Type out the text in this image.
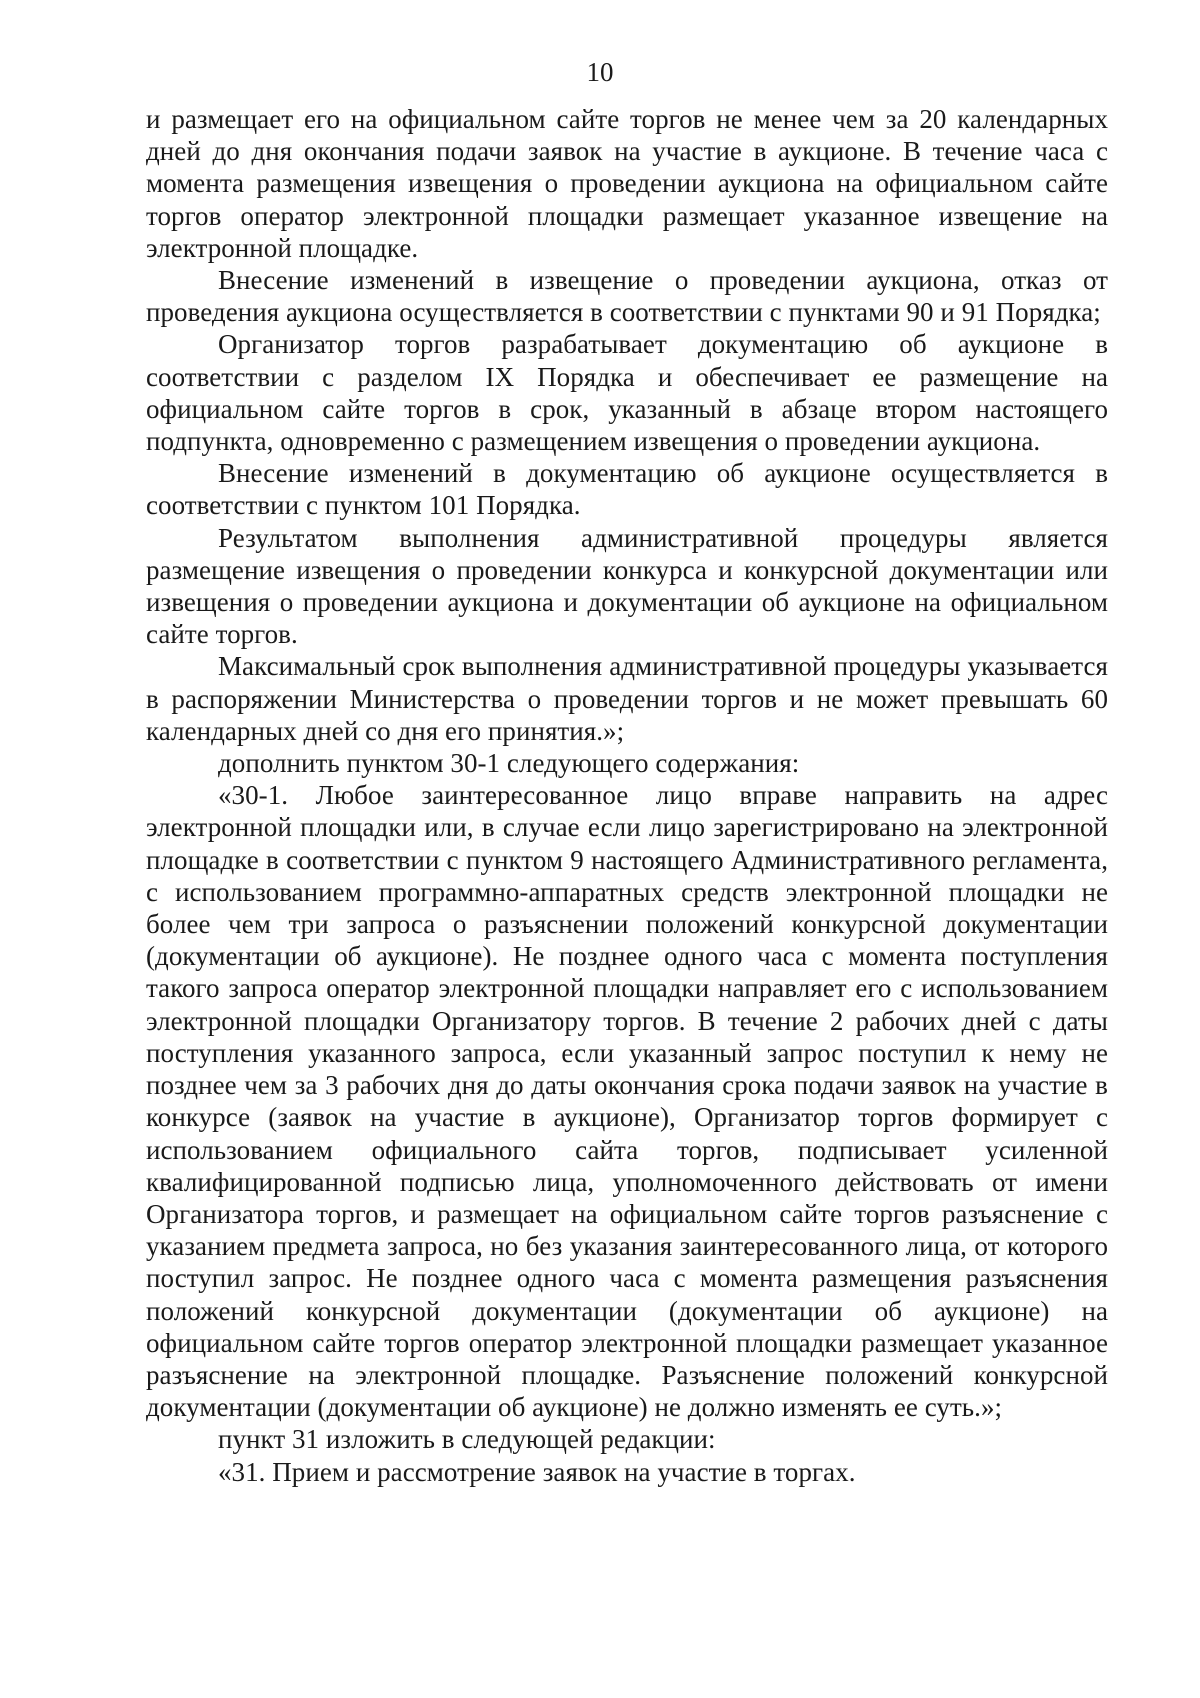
10

и размещает его на официальном сайте торгов не менее чем за 20 календарных дней до дня окончания подачи заявок на участие в аукционе. В течение часа с момента размещения извещения о проведении аукциона на официальном сайте торгов оператор электронной площадки размещает указанное извещение на электронной площадке.

Внесение изменений в извещение о проведении аукциона, отказ от проведения аукциона осуществляется в соответствии с пунктами 90 и 91 Порядка;

Организатор торгов разрабатывает документацию об аукционе в соответствии с разделом IX Порядка и обеспечивает ее размещение на официальном сайте торгов в срок, указанный в абзаце втором настоящего подпункта, одновременно с размещением извещения о проведении аукциона.

Внесение изменений в документацию об аукционе осуществляется в соответствии с пунктом 101 Порядка.

Результатом выполнения административной процедуры является размещение извещения о проведении конкурса и конкурсной документации или извещения о проведении аукциона и документации об аукционе на официальном сайте торгов.

Максимальный срок выполнения административной процедуры указывается в распоряжении Министерства о проведении торгов и не может превышать 60 календарных дней со дня его принятия.»;

дополнить пунктом 30-1 следующего содержания:

«30-1. Любое заинтересованное лицо вправе направить на адрес электронной площадки или, в случае если лицо зарегистрировано на электронной площадке в соответствии с пунктом 9 настоящего Административного регламента, с использованием программно-аппаратных средств электронной площадки не более чем три запроса о разъяснении положений конкурсной документации (документации об аукционе). Не позднее одного часа с момента поступления такого запроса оператор электронной площадки направляет его с использованием электронной площадки Организатору торгов. В течение 2 рабочих дней с даты поступления указанного запроса, если указанный запрос поступил к нему не позднее чем за 3 рабочих дня до даты окончания срока подачи заявок на участие в конкурсе (заявок на участие в аукционе), Организатор торгов формирует с использованием официального сайта торгов, подписывает усиленной квалифицированной подписью лица, уполномоченного действовать от имени Организатора торгов, и размещает на официальном сайте торгов разъяснение с указанием предмета запроса, но без указания заинтересованного лица, от которого поступил запрос. Не позднее одного часа с момента размещения разъяснения положений конкурсной документации (документации об аукционе) на официальном сайте торгов оператор электронной площадки размещает указанное разъяснение на электронной площадке. Разъяснение положений конкурсной документации (документации об аукционе) не должно изменять ее суть.»;

пункт 31 изложить в следующей редакции:

«31. Прием и рассмотрение заявок на участие в торгах.
